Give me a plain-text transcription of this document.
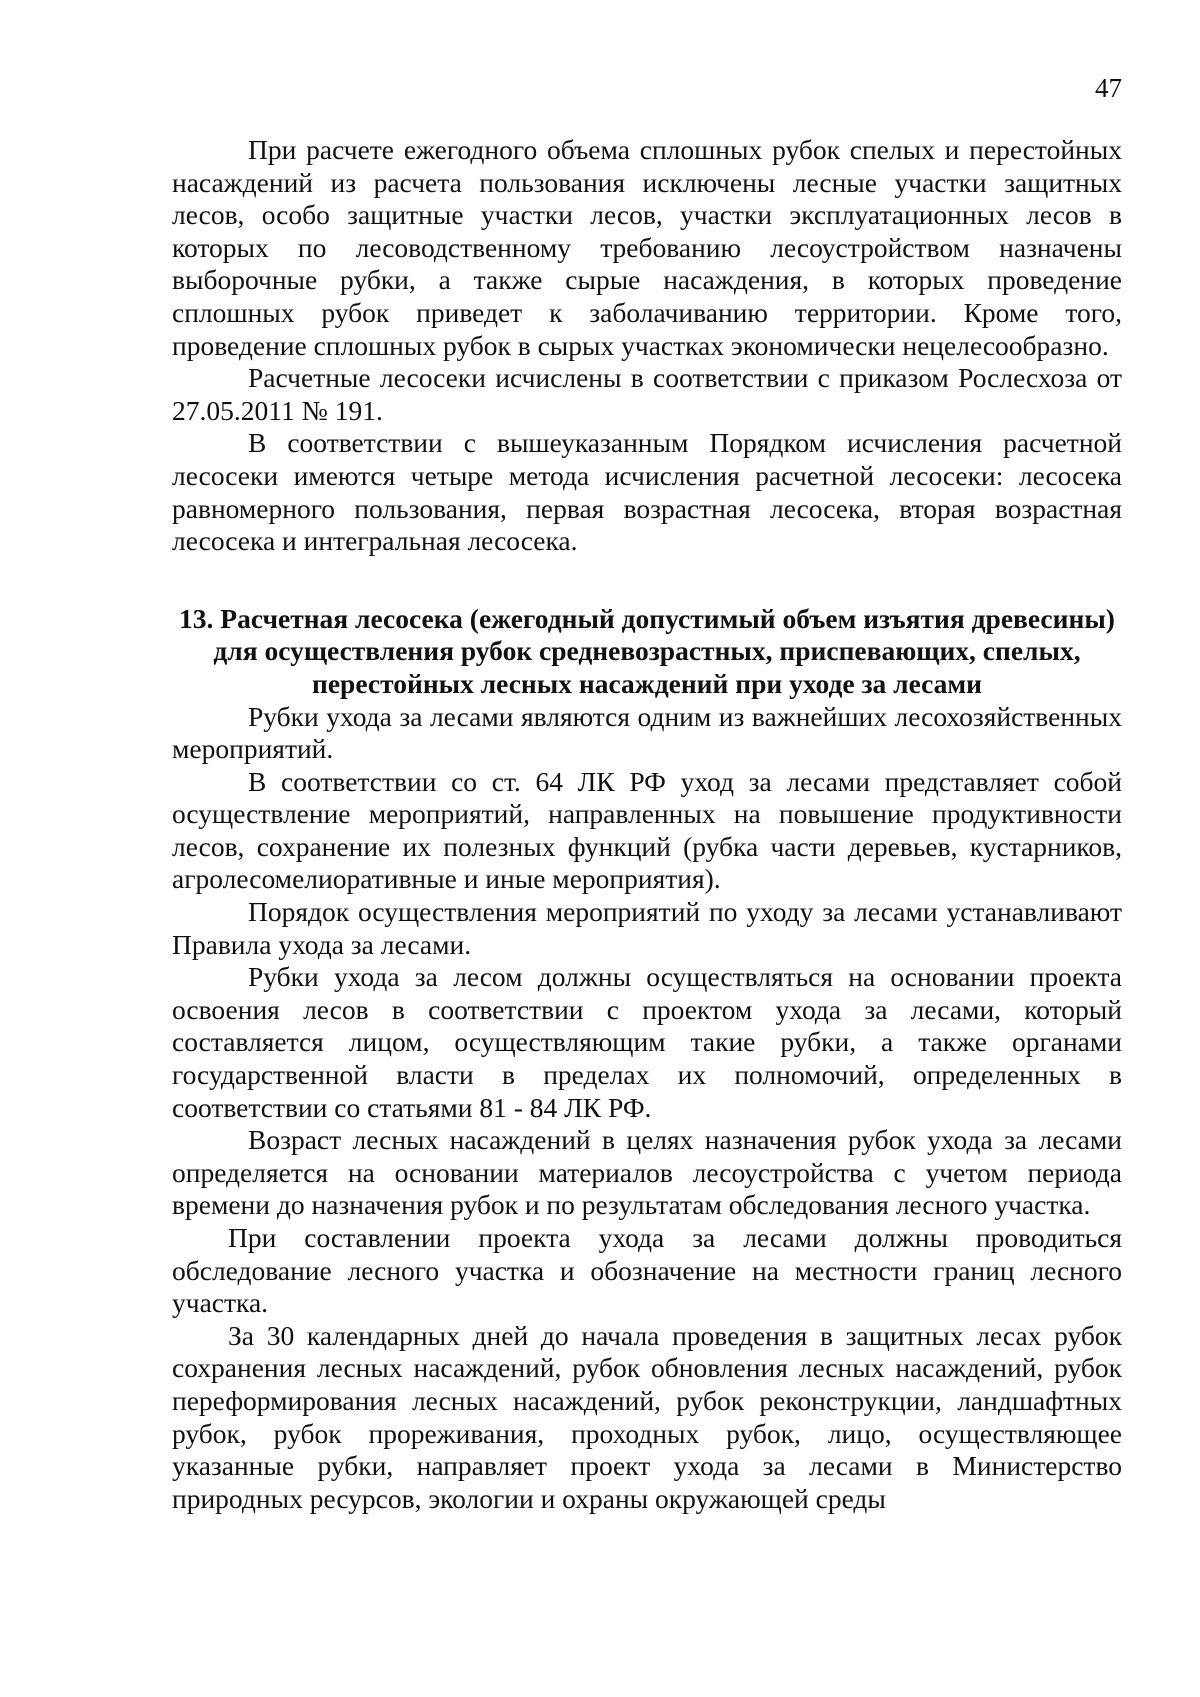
47

При расчете ежегодного объема сплошных рубок спелых и перестойных насаждений из расчета пользования исключены лесные участки защитных лесов, особо защитные участки лесов, участки эксплуатационных лесов в которых по лесоводственному требованию лесоустройством назначены выборочные рубки, а также сырые насаждения, в которых проведение сплошных рубок приведет к заболачиванию территории. Кроме того, проведение сплошных рубок в сырых участках экономически нецелесообразно.

Расчетные лесосеки исчислены в соответствии с приказом Рослесхоза от 27.05.2011 № 191.

В соответствии с вышеуказанным Порядком исчисления расчетной лесосеки имеются четыре метода исчисления расчетной лесосеки: лесосека равномерного пользования, первая возрастная лесосека, вторая возрастная лесосека и интегральная лесосека.

13. Расчетная лесосека (ежегодный допустимый объем изъятия древесины) для осуществления рубок средневозрастных, приспевающих, спелых, перестойных лесных насаждений при уходе за лесами

Рубки ухода за лесами являются одним из важнейших лесохозяйственных мероприятий.

В соответствии со ст. 64 ЛК РФ уход за лесами представляет собой осуществление мероприятий, направленных на повышение продуктивности лесов, сохранение их полезных функций (рубка части деревьев, кустарников, агролесомелиоративные и иные мероприятия).

Порядок осуществления мероприятий по уходу за лесами устанавливают Правила ухода за лесами.

Рубки ухода за лесом должны осуществляться на основании проекта освоения лесов в соответствии с проектом ухода за лесами, который составляется лицом, осуществляющим такие рубки, а также органами государственной власти в пределах их полномочий, определенных в соответствии со статьями 81 - 84 ЛК РФ.

Возраст лесных насаждений в целях назначения рубок ухода за лесами определяется на основании материалов лесоустройства с учетом периода времени до назначения рубок и по результатам обследования лесного участка.

При составлении проекта ухода за лесами должны проводиться обследование лесного участка и обозначение на местности границ лесного участка.

За 30 календарных дней до начала проведения в защитных лесах рубок сохранения лесных насаждений, рубок обновления лесных насаждений, рубок переформирования лесных насаждений, рубок реконструкции, ландшафтных рубок, рубок прореживания, проходных рубок, лицо, осуществляющее указанные рубки, направляет проект ухода за лесами в Министерство природных ресурсов, экологии и охраны окружающей среды
